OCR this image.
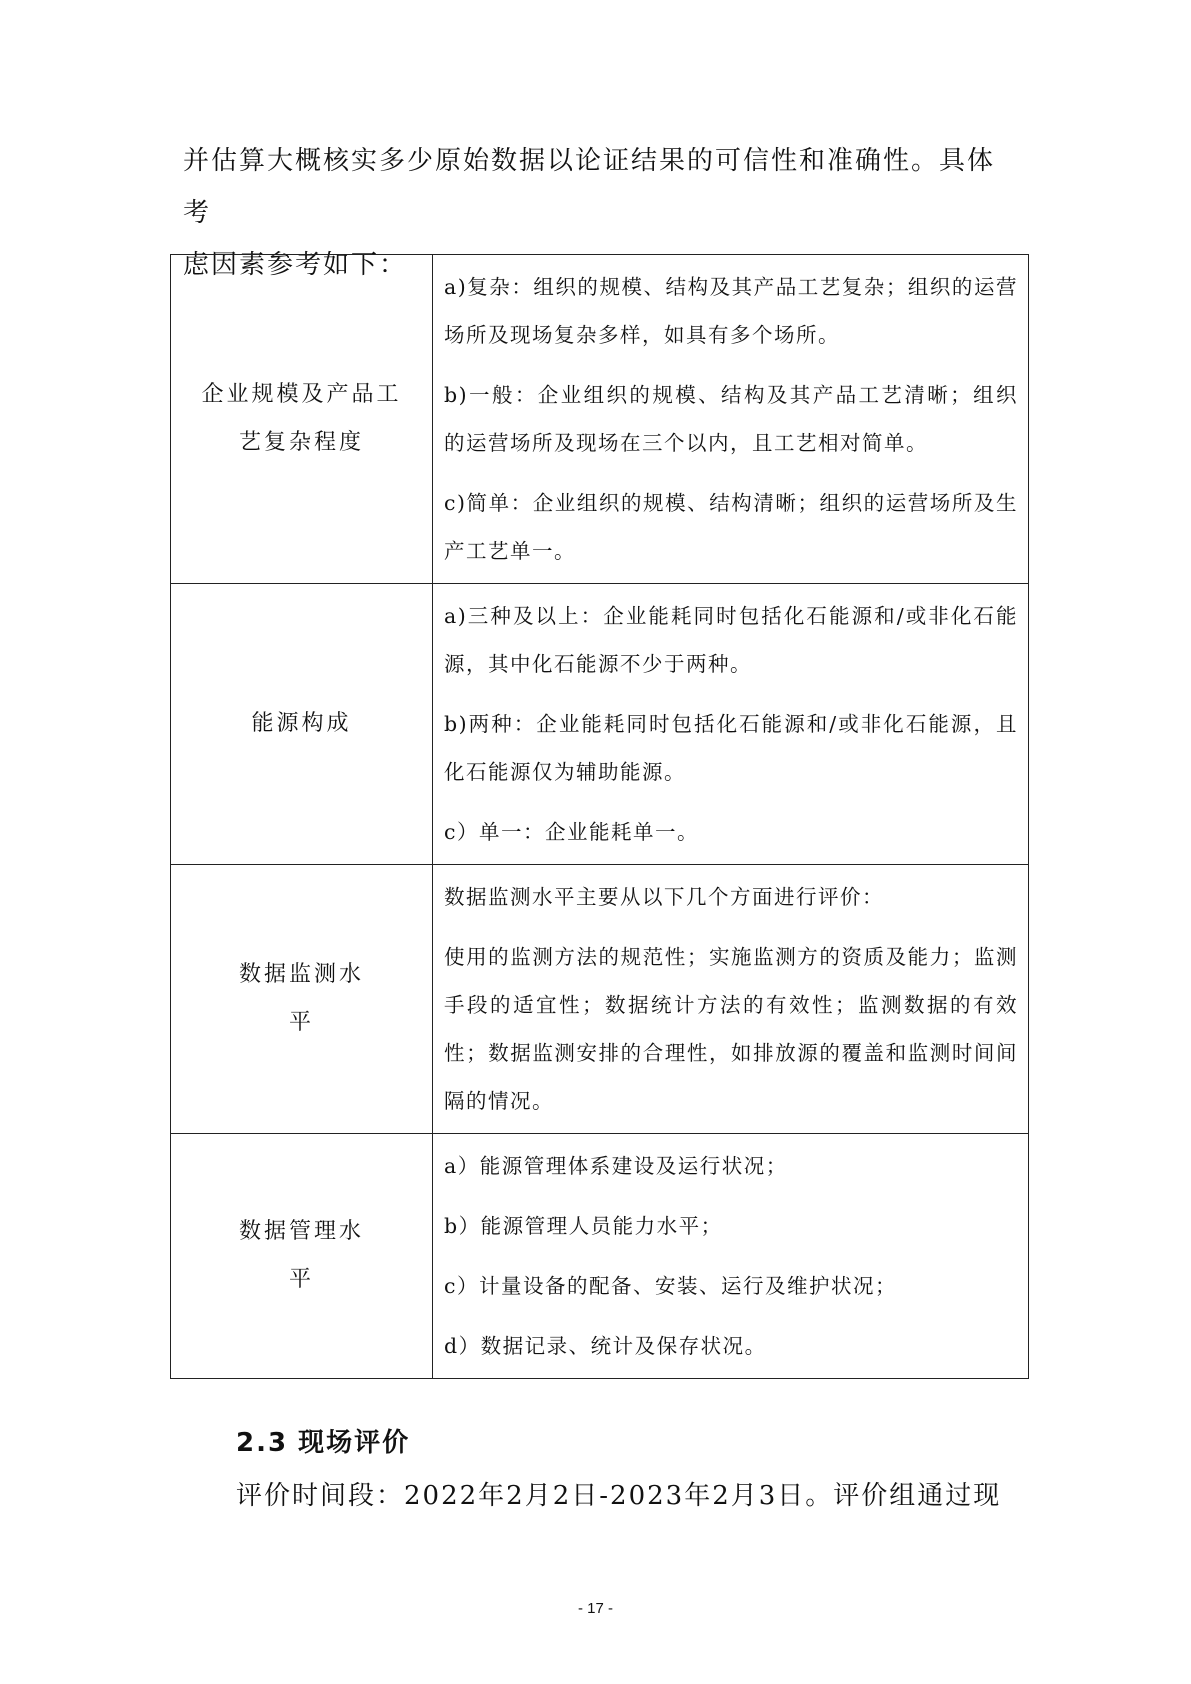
并估算大概核实多少原始数据以论证结果的可信性和准确性。具体考
虑因素参考如下：

企业规模及产品工艺复杂程度	a)复杂：组织的规模、结构及其产品工艺复杂；组织的运营场所及现场复杂多样，如具有多个场所。

b)一般：企业组织的规模、结构及其产品工艺清晰；组织的运营场所及现场在三个以内，且工艺相对简单。

c)简单：企业组织的规模、结构清晰；组织的运营场所及生产工艺单一。

能源构成	a)三种及以上：企业能耗同时包括化石能源和/或非化石能源，其中化石能源不少于两种。

b)两种：企业能耗同时包括化石能源和/或非化石能源，且化石能源仅为辅助能源。

c）单一：企业能耗单一。

数据监测水平	数据监测水平主要从以下几个方面进行评价：

使用的监测方法的规范性；实施监测方的资质及能力；监测手段的适宜性；数据统计方法的有效性；监测数据的有效性；数据监测安排的合理性，如排放源的覆盖和监测时间间隔的情况。

数据管理水平	a）能源管理体系建设及运行状况；

b）能源管理人员能力水平；

c）计量设备的配备、安装、运行及维护状况；

d）数据记录、统计及保存状况。

2.3 现场评价

评价时间段：2022年2月2日-2023年2月3日。评价组通过现

- 17 -
